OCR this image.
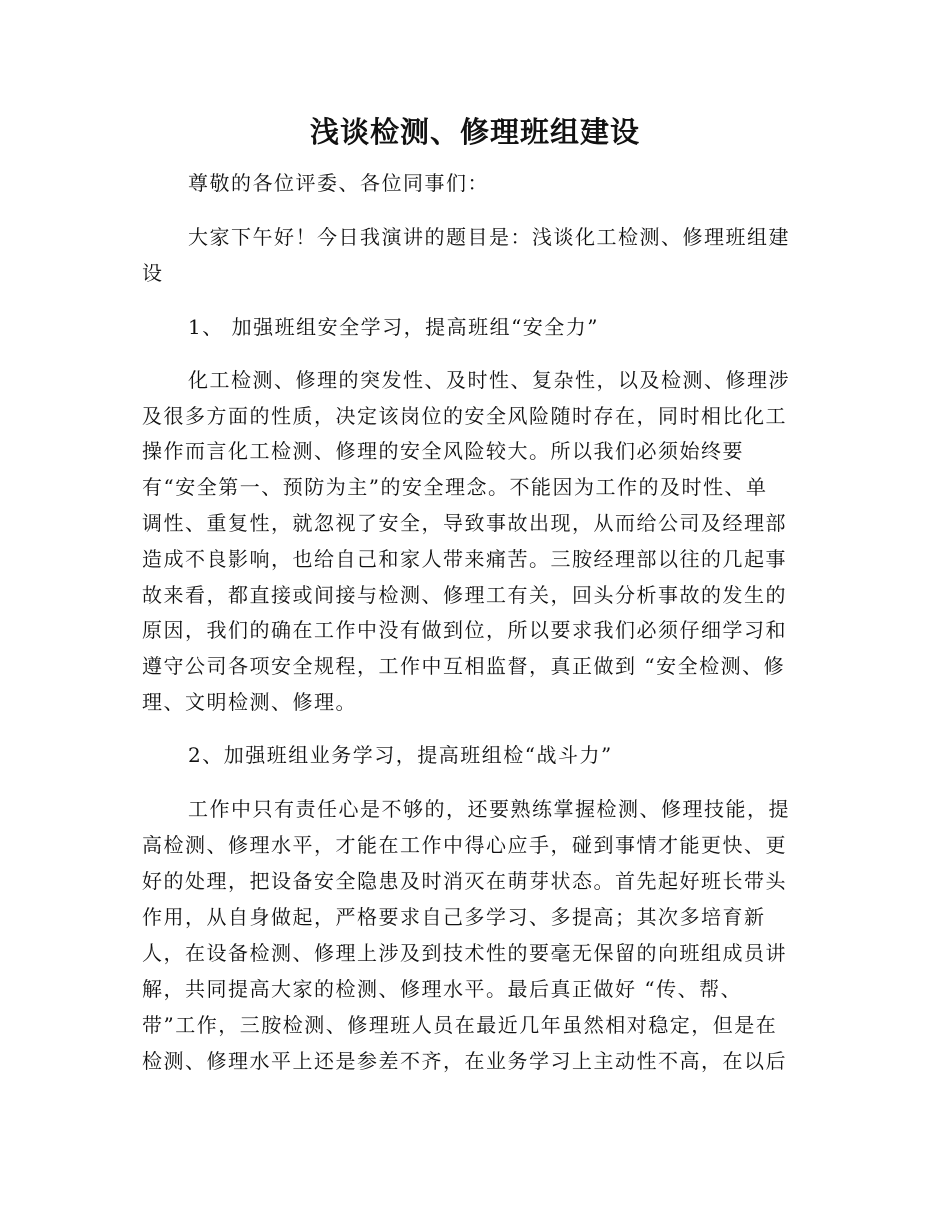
浅谈检测、修理班组建设
尊敬的各位评委、各位同事们：
大家下午好！今日我演讲的题目是：浅谈化工检测、修理班组建
设
1、 加强班组安全学习，提高班组“安全力”
化工检测、修理的突发性、及时性、复杂性，以及检测、修理涉
及很多方面的性质，决定该岗位的安全风险随时存在，同时相比化工
操作而言化工检测、修理的安全风险较大。所以我们必须始终要
有“安全第一、预防为主”的安全理念。不能因为工作的及时性、单
调性、重复性，就忽视了安全，导致事故出现，从而给公司及经理部
造成不良影响，也给自己和家人带来痛苦。三胺经理部以往的几起事
故来看，都直接或间接与检测、修理工有关，回头分析事故的发生的
原因，我们的确在工作中没有做到位，所以要求我们必须仔细学习和
遵守公司各项安全规程，工作中互相监督，真正做到 “安全检测、修
理、文明检测、修理。
2、加强班组业务学习，提高班组检“战斗力”
工作中只有责任心是不够的，还要熟练掌握检测、修理技能，提
高检测、修理水平，才能在工作中得心应手，碰到事情才能更快、更
好的处理，把设备安全隐患及时消灭在萌芽状态。首先起好班长带头
作用，从自身做起，严格要求自己多学习、多提高；其次多培育新
人，在设备检测、修理上涉及到技术性的要毫无保留的向班组成员讲
解，共同提高大家的检测、修理水平。最后真正做好 “传、帮、
带”工作，三胺检测、修理班人员在最近几年虽然相对稳定，但是在
检测、修理水平上还是参差不齐，在业务学习上主动性不高，在以后
